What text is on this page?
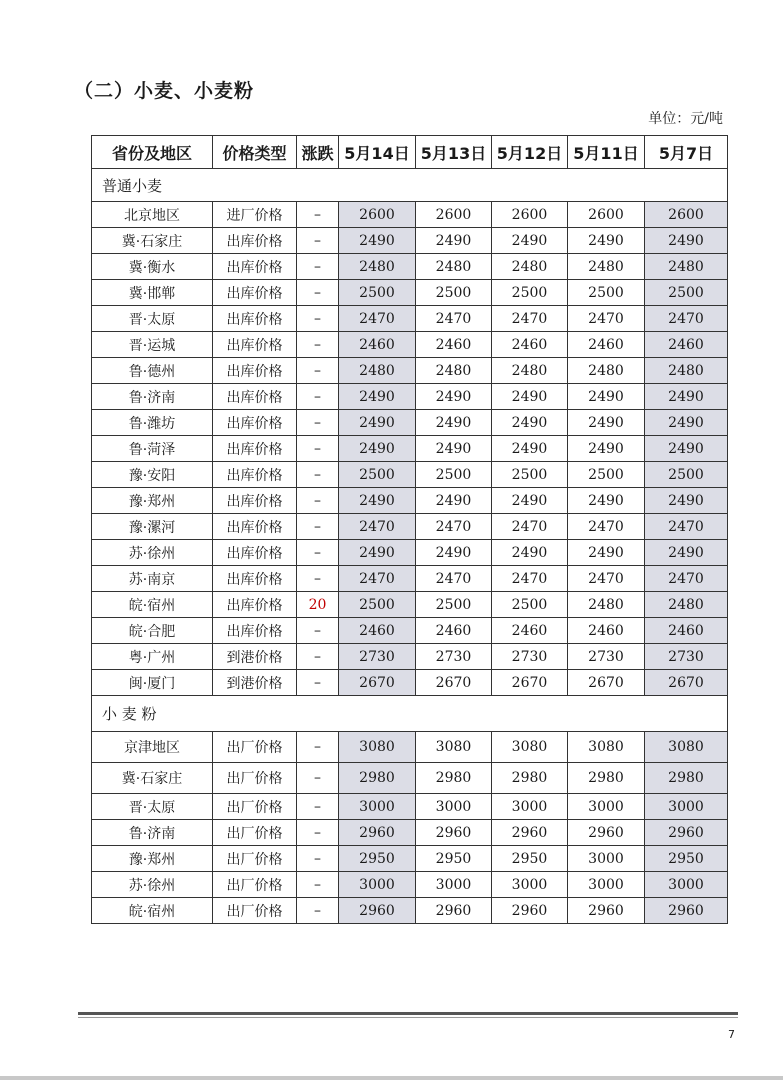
（二）小麦、小麦粉
单位：元/吨
省份及地区	价格类型	涨跌	5月14日	5月13日	5月12日	5月11日	5月7日
普通小麦							
北京地区	进厂价格	–	2600	2600	2600	2600	2600
冀·石家庄	出库价格	–	2490	2490	2490	2490	2490
冀·衡水	出库价格	–	2480	2480	2480	2480	2480
冀·邯郸	出库价格	–	2500	2500	2500	2500	2500
晋·太原	出库价格	–	2470	2470	2470	2470	2470
晋·运城	出库价格	–	2460	2460	2460	2460	2460
鲁·德州	出库价格	–	2480	2480	2480	2480	2480
鲁·济南	出库价格	–	2490	2490	2490	2490	2490
鲁·潍坊	出库价格	–	2490	2490	2490	2490	2490
鲁·菏泽	出库价格	–	2490	2490	2490	2490	2490
豫·安阳	出库价格	–	2500	2500	2500	2500	2500
豫·郑州	出库价格	–	2490	2490	2490	2490	2490
豫·漯河	出库价格	–	2470	2470	2470	2470	2470
苏·徐州	出库价格	–	2490	2490	2490	2490	2490
苏·南京	出库价格	–	2470	2470	2470	2470	2470
皖·宿州	出库价格	20	2500	2500	2500	2480	2480
皖·合肥	出库价格	–	2460	2460	2460	2460	2460
粤·广州	到港价格	–	2730	2730	2730	2730	2730
闽·厦门	到港价格	–	2670	2670	2670	2670	2670
小 麦 粉							
京津地区	出厂价格	–	3080	3080	3080	3080	3080
冀·石家庄	出厂价格	–	2980	2980	2980	2980	2980
晋·太原	出厂价格	–	3000	3000	3000	3000	3000
鲁·济南	出厂价格	–	2960	2960	2960	2960	2960
豫·郑州	出厂价格	–	2950	2950	2950	3000	2950
苏·徐州	出厂价格	–	3000	3000	3000	3000	3000
皖·宿州	出厂价格	–	2960	2960	2960	2960	2960
7
